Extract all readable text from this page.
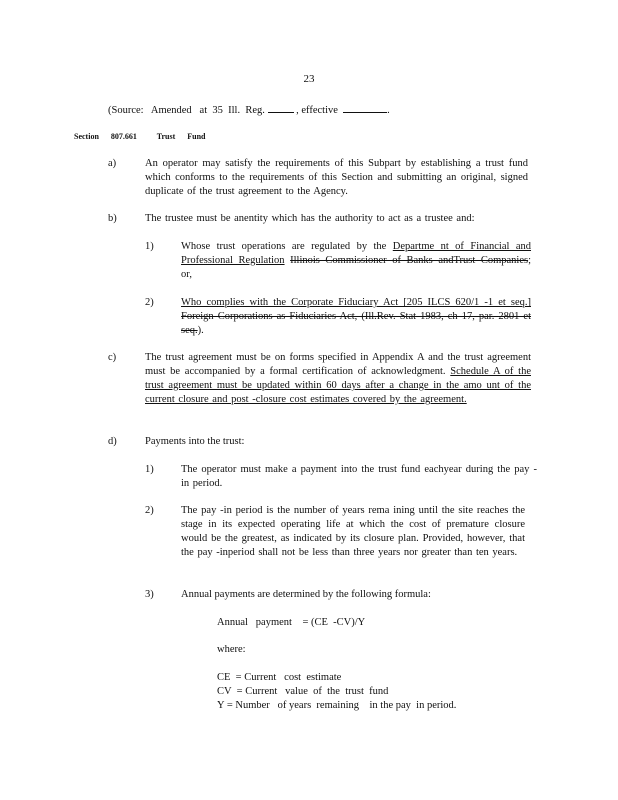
23
(Source:   Amended   at  35  Ill.  Reg.	, effective	.
Section      807.661          Trust      Fund
a)	An operator may satisfy the requirements of this Subpart by establishing a trust fund which conforms to the requirements of this Section and submitting an original, signed duplicate of the trust agreement to the Agency.
b)	The trustee must be anentity which has the authority to act as a trustee and:
1)	Whose trust operations are regulated by the Departme nt of Financial and Professional Regulation Illinois Commissioner of Banks andTrust Companies; or,
2)	Who complies with the Corporate Fiduciary Act [205 ILCS 620/1 -1 et seq.] Foreign Corporations as Fiduciaries Act, (Ill.Rev. Stat 1983, ch 17, par. 2801 et seq.).
c)	The trust agreement must be on forms specified in Appendix A and the trust agreement must be accompanied by a formal certification of acknowledgment. Schedule A of the trust agreement must be updated within 60 days after a change in the amo unt of the current closure and post -closure cost estimates covered by the agreement.
d)	Payments into the trust:
1)	The operator must make a payment into the trust fund eachyear during the pay -in period.
2)	The pay -in period is the number of years rema ining until the site reaches the stage in its expected operating life at which the cost of premature closure would be the greatest, as indicated by its closure plan. Provided, however, that the pay -inperiod shall not be less than three years nor greater than ten years.
3)	Annual payments are determined by the following formula:
Annual   payment    = (CE  -CV)/Y
where:
CE  = Current   cost  estimate
CV  = Current   value  of  the  trust  fund
Y = Number   of years  remaining    in the pay  in period.
